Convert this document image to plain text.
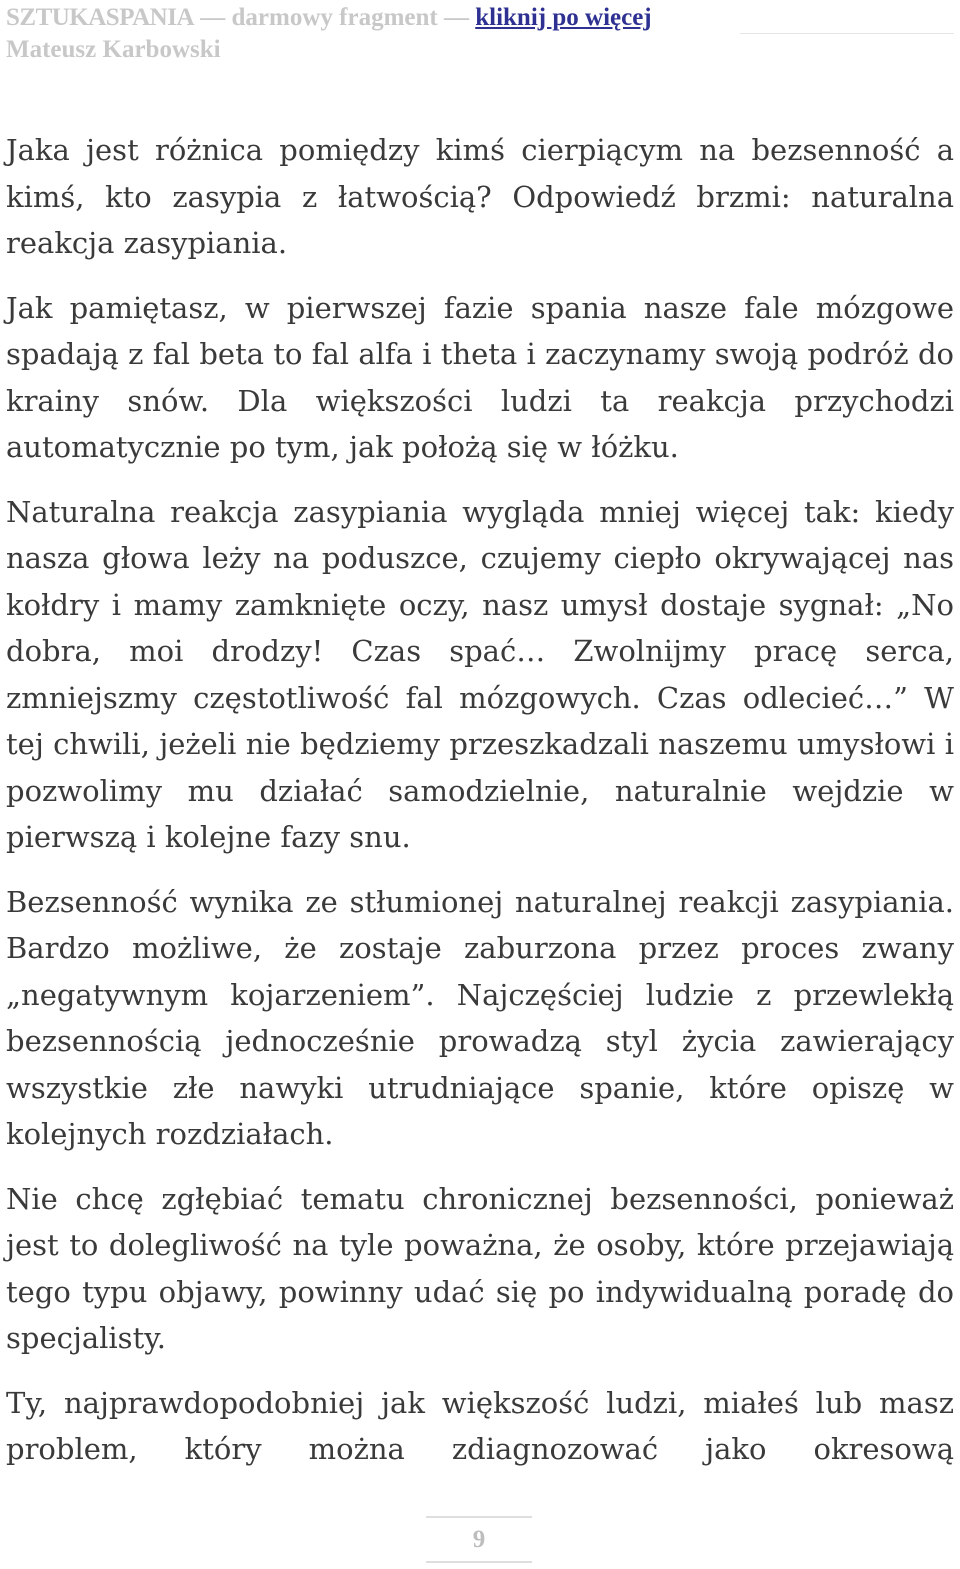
SZTUKASPANIA — darmowy fragment — kliknij po więcej
Mateusz Karbowski

Jaka jest różnica pomiędzy kimś cierpiącym na bezsenność a kimś, kto zasypia z łatwością? Odpowiedź brzmi: naturalna reakcja zasypiania.

Jak pamiętasz, w pierwszej fazie spania nasze fale mózgowe spadają z fal beta to fal alfa i theta i zaczynamy swoją podróż do krainy snów. Dla większości ludzi ta reakcja przychodzi automatycznie po tym, jak położą się w łóżku.

Naturalna reakcja zasypiania wygląda mniej więcej tak: kiedy nasza głowa leży na poduszce, czujemy ciepło okrywającej nas kołdry i mamy zamknięte oczy, nasz umysł dostaje sygnał: „No dobra, moi drodzy! Czas spać… Zwolnijmy pracę serca, zmniejszmy częstotliwość fal mózgowych. Czas odlecieć…” W tej chwili, jeżeli nie będziemy przeszkadzali naszemu umysłowi i pozwolimy mu działać samodzielnie, naturalnie wejdzie w pierwszą i kolejne fazy snu.

Bezsenność wynika ze stłumionej naturalnej reakcji zasypiania. Bardzo możliwe, że zostaje zaburzona przez proces zwany „negatywnym kojarzeniem”. Najczęściej ludzie z przewlekłą bezsennością jednocześnie prowadzą styl życia zawierający wszystkie złe nawyki utrudniające spanie, które opiszę w kolejnych rozdziałach.

Nie chcę zgłębiać tematu chronicznej bezsenności, ponieważ jest to dolegliwość na tyle poważna, że osoby, które przejawiają tego typu objawy, powinny udać się po indywidualną poradę do specjalisty.

Ty, najprawdopodobniej jak większość ludzi, miałeś lub masz problem, który można zdiagnozować jako okresową

9
